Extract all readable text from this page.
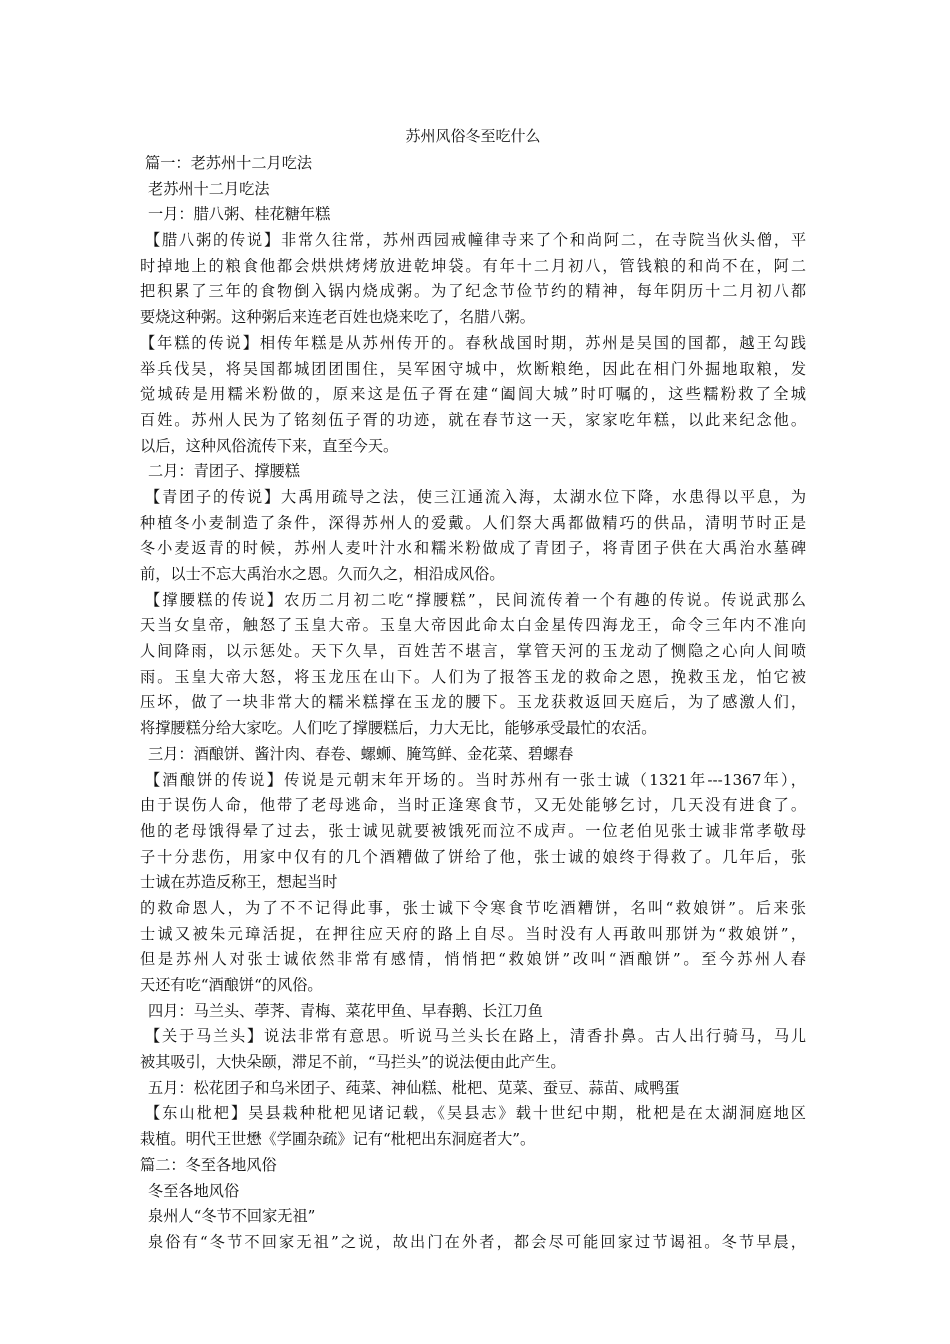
苏州风俗冬至吃什么
篇一：老苏州十二月吃法
老苏州十二月吃法
一月：腊八粥、桂花糖年糕
【腊八粥的传说】非常久往常，苏州西园戒幢律寺来了个和尚阿二，在寺院当伙头僧，平
时掉地上的粮食他都会烘烘烤烤放进乾坤袋。有年十二月初八，管钱粮的和尚不在，阿二
把积累了三年的食物倒入锅内烧成粥。为了纪念节俭节约的精神，每年阴历十二月初八都
要烧这种粥。这种粥后来连老百姓也烧来吃了，名腊八粥。
【年糕的传说】相传年糕是从苏州传开的。春秋战国时期，苏州是吴国的国都，越王勾践
举兵伐吴，将吴国都城团团围住，吴军困守城中，炊断粮绝，因此在相门外掘地取粮，发
觉城砖是用糯米粉做的，原来这是伍子胥在建“阖闾大城”时叮嘱的，这些糯粉救了全城
百姓。苏州人民为了铭刻伍子胥的功迹，就在春节这一天，家家吃年糕，以此来纪念他。
以后，这种风俗流传下来，直至今天。
二月：青团子、撑腰糕
【青团子的传说】大禹用疏导之法，使三江通流入海，太湖水位下降，水患得以平息，为
种植冬小麦制造了条件，深得苏州人的爱戴。人们祭大禹都做精巧的供品，清明节时正是
冬小麦返青的时候，苏州人麦叶汁水和糯米粉做成了青团子，将青团子供在大禹治水墓碑
前，以士不忘大禹治水之恩。久而久之，相沿成风俗。
【撑腰糕的传说】农历二月初二吃“撑腰糕”，民间流传着一个有趣的传说。传说武那么
天当女皇帝，触怒了玉皇大帝。玉皇大帝因此命太白金星传四海龙王，命令三年内不准向
人间降雨，以示惩处。天下久旱，百姓苦不堪言，掌管天河的玉龙动了恻隐之心向人间喷
雨。玉皇大帝大怒，将玉龙压在山下。人们为了报答玉龙的救命之恩，挽救玉龙，怕它被
压坏，做了一块非常大的糯米糕撑在玉龙的腰下。玉龙获救返回天庭后，为了感激人们，
将撑腰糕分给大家吃。人们吃了撑腰糕后，力大无比，能够承受最忙的农活。
三月：酒酿饼、酱汁肉、春卷、螺蛳、腌笃鲜、金花菜、碧螺春
【酒酿饼的传说】传说是元朝末年开场的。当时苏州有一张士诚（1321年---1367年），
由于误伤人命，他带了老母逃命，当时正逢寒食节，又无处能够乞讨，几天没有进食了。
他的老母饿得晕了过去，张士诚见就要被饿死而泣不成声。一位老伯见张士诚非常孝敬母
子十分悲伤，用家中仅有的几个酒糟做了饼给了他，张士诚的娘终于得救了。几年后，张
士诚在苏造反称王，想起当时
的救命恩人，为了不不记得此事，张士诚下令寒食节吃酒糟饼，名叫“救娘饼”。后来张
士诚又被朱元璋活捉，在押往应天府的路上自尽。当时没有人再敢叫那饼为“救娘饼”，
但是苏州人对张士诚依然非常有感情，悄悄把“救娘饼”改叫“酒酿饼”。至今苏州人春
天还有吃“酒酿饼“的风俗。
四月：马兰头、荸荠、青梅、菜花甲鱼、早春鹅、长江刀鱼
【关于马兰头】说法非常有意思。听说马兰头长在路上，清香扑鼻。古人出行骑马，马儿
被其吸引，大快朵颐，滞足不前，“马拦头”的说法便由此产生。
五月：松花团子和乌米团子、莼菜、神仙糕、枇杷、苋菜、蚕豆、蒜苗、咸鸭蛋
【东山枇杷】吴县栽种枇杷见诸记载，《吴县志》载十世纪中期，枇杷是在太湖洞庭地区
栽植。明代王世懋《学圃杂疏》记有“枇杷出东洞庭者大”。
篇二：冬至各地风俗
冬至各地风俗
泉州人“冬节不回家无祖”
泉俗有“冬节不回家无祖”之说，故出门在外者，都会尽可能回家过节谒祖。冬节早晨，
